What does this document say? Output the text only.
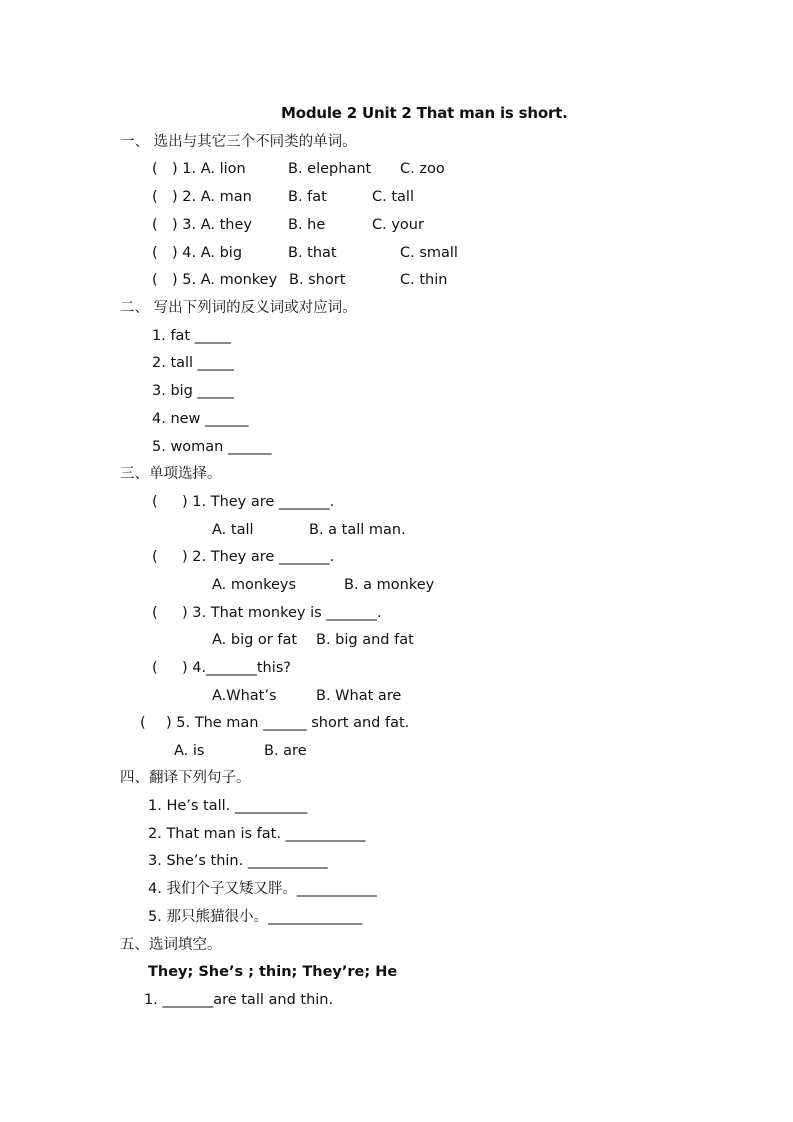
Module 2 Unit 2 That man is short.
一、 选出与其它三个不同类的单词。
( ) 1. A. lion	B. elephant C. zoo
( ) 2. A. man B. fat	C. tall
( ) 3. A. they B. he	C. your
( ) 4. A. big	B. that	C. small
( ) 5. A. monkey B. short	C. thin
二、 写出下列词的反义词或对应词。
1. fat _____
2. tall _____
3. big _____
4. new ______
5. woman ______
三、单项选择。
( ) 1. They are _______.
A. tall	B. a tall man.
( ) 2. They are _______.
A. monkeys	B. a monkey
( ) 3. That monkey is _______.
A. big or fat B. big and fat
( ) 4._______this?
A.What’s	B. What are
( ) 5. The man ______ short and fat.
A. is	B. are
四、翻译下列句子。
1. He’s tall. __________
2. That man is fat. ___________
3. She’s thin. ___________
4. 我们个子又矮又胖。___________
5. 那只熊猫很小。_____________
五、选词填空。
They; She’s ; thin; They’re; He
1. _______are tall and thin.
